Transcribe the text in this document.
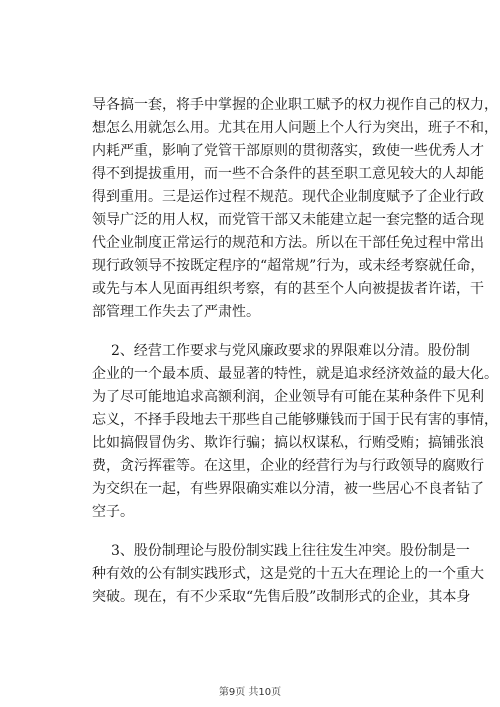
导各搞一套，将手中掌握的企业职工赋予的权力视作自己的权力，
想怎么用就怎么用。尤其在用人问题上个人行为突出，班子不和，
内耗严重，影响了党管干部原则的贯彻落实，致使一些优秀人才
得不到提拔重用，而一些不合条件的甚至职工意见较大的人却能
得到重用。三是运作过程不规范。现代企业制度赋予了企业行政
领导广泛的用人权，而党管干部又未能建立起一套完整的适合现
代企业制度正常运行的规范和方法。所以在干部任免过程中常出
现行政领导不按既定程序的“超常规”行为，或未经考察就任命，
或先与本人见面再组织考察，有的甚至个人向被提拔者许诺，干
部管理工作失去了严肃性。
2、经营工作要求与党风廉政要求的界限难以分清。股份制
企业的一个最本质、最显著的特性，就是追求经济效益的最大化。
为了尽可能地追求高额利润，企业领导有可能在某种条件下见利
忘义，不择手段地去干那些自己能够赚钱而于国于民有害的事情，
比如搞假冒伪劣、欺诈行骗；搞以权谋私，行贿受贿；搞铺张浪
费，贪污挥霍等。在这里，企业的经营行为与行政领导的腐败行
为交织在一起，有些界限确实难以分清，被一些居心不良者钻了
空子。
3、股份制理论与股份制实践上往往发生冲突。股份制是一
种有效的公有制实践形式，这是党的十五大在理论上的一个重大
突破。现在，有不少采取“先售后股”改制形式的企业，其本身
第9页 共10页
